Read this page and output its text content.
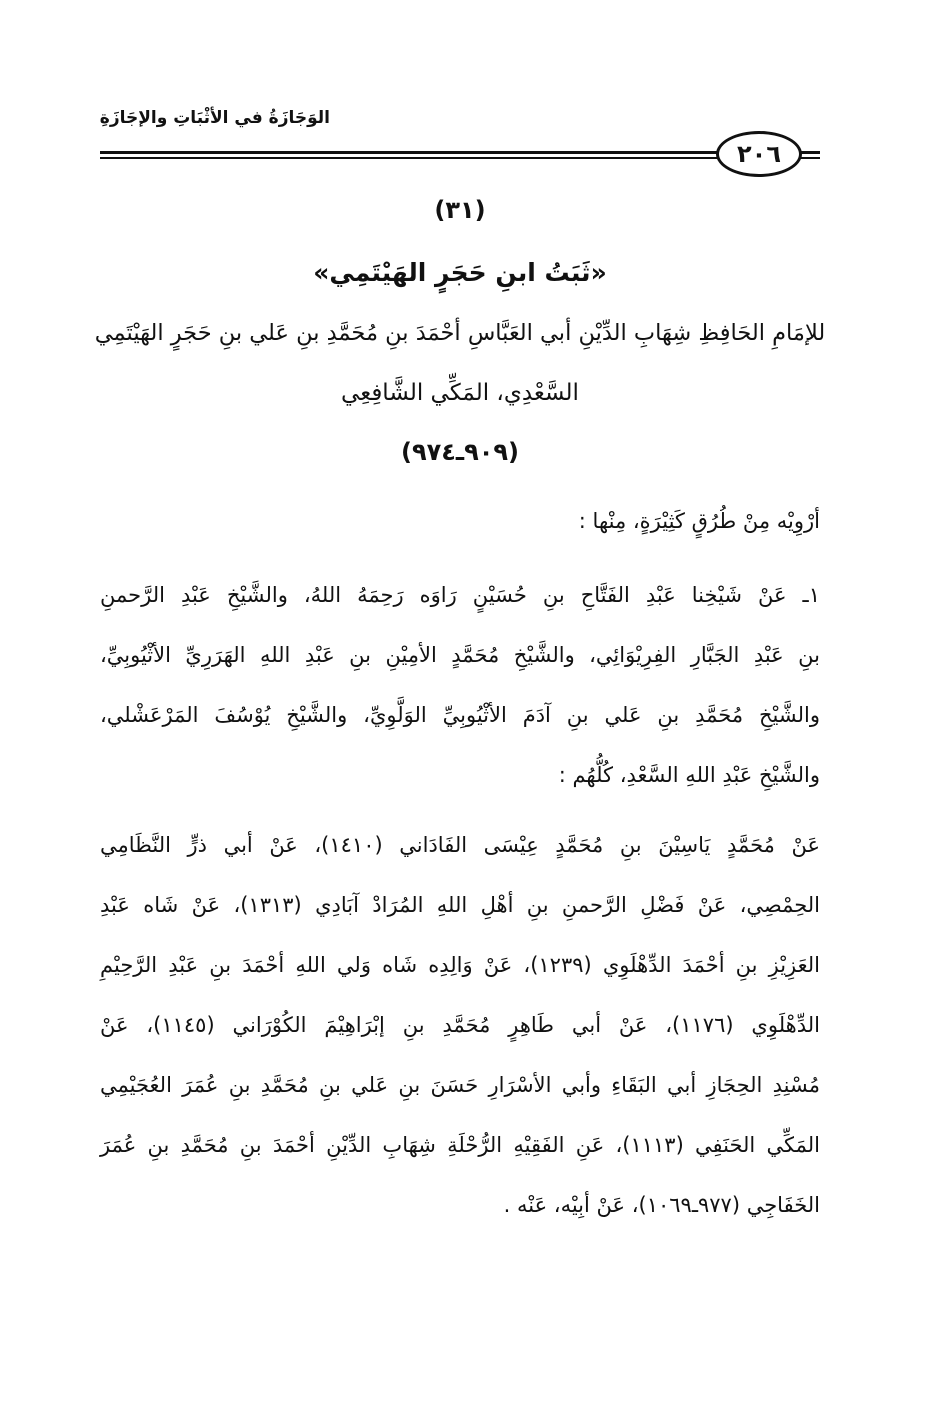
الوَجَازَةُ في الأثْبَاتِ والإجَازَةِ
٢٠٦
(٣١)
«ثَبَتُ ابنِ حَجَرٍ الهَيْتَمِي»
للإمَامِ الحَافِظِ شِهَابِ الدِّيْنِ أبي العَبَّاسِ أحْمَدَ بنِ مُحَمَّدِ بنِ عَلي بنِ حَجَرٍ الهَيْتَمِي
السَّعْدِي، المَكِّي الشَّافِعِي
(٩٠٩ـ٩٧٤)
أرْوِيْه مِنْ طُرُقٍ كَثِيْرَةٍ، مِنْها :
١ـ عَنْ شَيْخِنا عَبْدِ الفَتَّاحِ بنِ حُسَيْنٍ رَاوَه رَحِمَهُ اللهُ، والشَّيْخِ عَبْدِ الرَّحمنِ
بنِ عَبْدِ الجَبَّارِ الفِرِيْوَائِي، والشَّيْخِ مُحَمَّدٍ الأمِيْنِ بنِ عَبْدِ اللهِ الهَرَرِيِّ الأثْيُوبِيِّ،
والشَّيْخِ مُحَمَّدِ بنِ عَلي بنِ آدَمَ الأثْيُوبِيِّ الوَلَّوِيِّ، والشَّيْخِ يُوْسُفَ المَرْعَشْلي،
والشَّيْخِ عَبْدِ اللهِ السَّعْدِ، كُلُّهُم :
عَنْ مُحَمَّدٍ يَاسِيْنَ بنِ مُحَمَّدٍ عِيْسَى الفَادَاني (١٤١٠)، عَنْ أبي ذرٍّ النَّظَامِي
الحِمْصِي، عَنْ فَضْلِ الرَّحمنِ بنِ أهْلِ اللهِ المُرَادْ آبَادِي (١٣١٣)، عَنْ شَاه عَبْدِ
العَزِيْزِ بنِ أحْمَدَ الدِّهْلَوِي (١٢٣٩)، عَنْ وَالِدِه شَاه وَلي اللهِ أحْمَدَ بنِ عَبْدِ الرَّحِيْمِ
الدِّهْلَوِي (١١٧٦)، عَنْ أبي طَاهِرٍ مُحَمَّدِ بنِ إبْرَاهِيْمَ الكُوْرَاني (١١٤٥)، عَنْ
مُسْنِدِ الحِجَازِ أبي البَقَاءِ وأبي الأسْرَارِ حَسَنَ بنِ عَلي بنِ مُحَمَّدِ بنِ عُمَرَ العُجَيْمِي
المَكِّي الحَنَفِي (١١١٣)، عَنِ الفَقِيْهِ الرُّحْلَةِ شِهَابِ الدِّيْنِ أحْمَدَ بنِ مُحَمَّدِ بنِ عُمَرَ
الخَفَاجِي (٩٧٧ـ١٠٦٩)، عَنْ أبِيْه، عَنْه .
